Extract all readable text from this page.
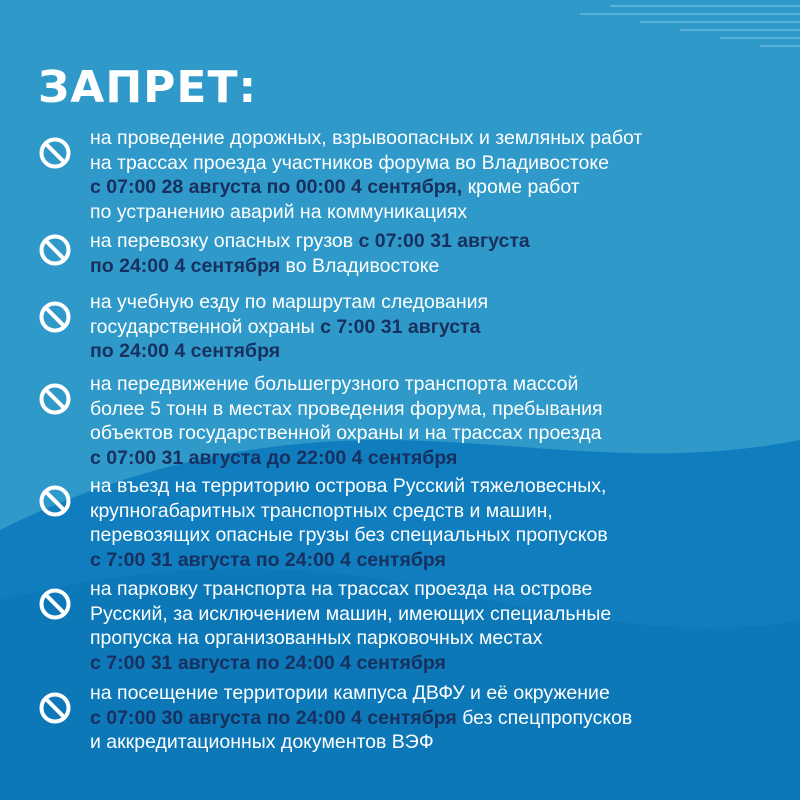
ЗАПРЕТ:
на проведение дорожных, взрывоопасных и земляных работ
на трассах проезда участников форума во Владивостоке
с 07:00 28 августа по 00:00 4 сентября, кроме работ
по устранению аварий на коммуникациях
на перевозку опасных грузов с 07:00 31 августа
по 24:00 4 сентября во Владивостоке
на учебную езду по маршрутам следования
государственной охраны с 7:00 31 августа
по 24:00 4 сентября
на передвижение большегрузного транспорта массой
более 5 тонн в местах проведения форума, пребывания
объектов государственной охраны и на трассах проезда
с 07:00 31 августа до 22:00 4 сентября
на въезд на территорию острова Русский тяжеловесных,
крупногабаритных транспортных средств и машин,
перевозящих опасные грузы без специальных пропусков
с 7:00 31 августа по 24:00 4 сентября
на парковку транспорта на трассах проезда на острове
Русский, за исключением машин, имеющих специальные
пропуска на организованных парковочных местах
с 7:00 31 августа по 24:00 4 сентября
на посещение территории кампуса ДВФУ и её окружение
с 07:00 30 августа по 24:00 4 сентября без спецпропусков
и аккредитационных документов ВЭФ
